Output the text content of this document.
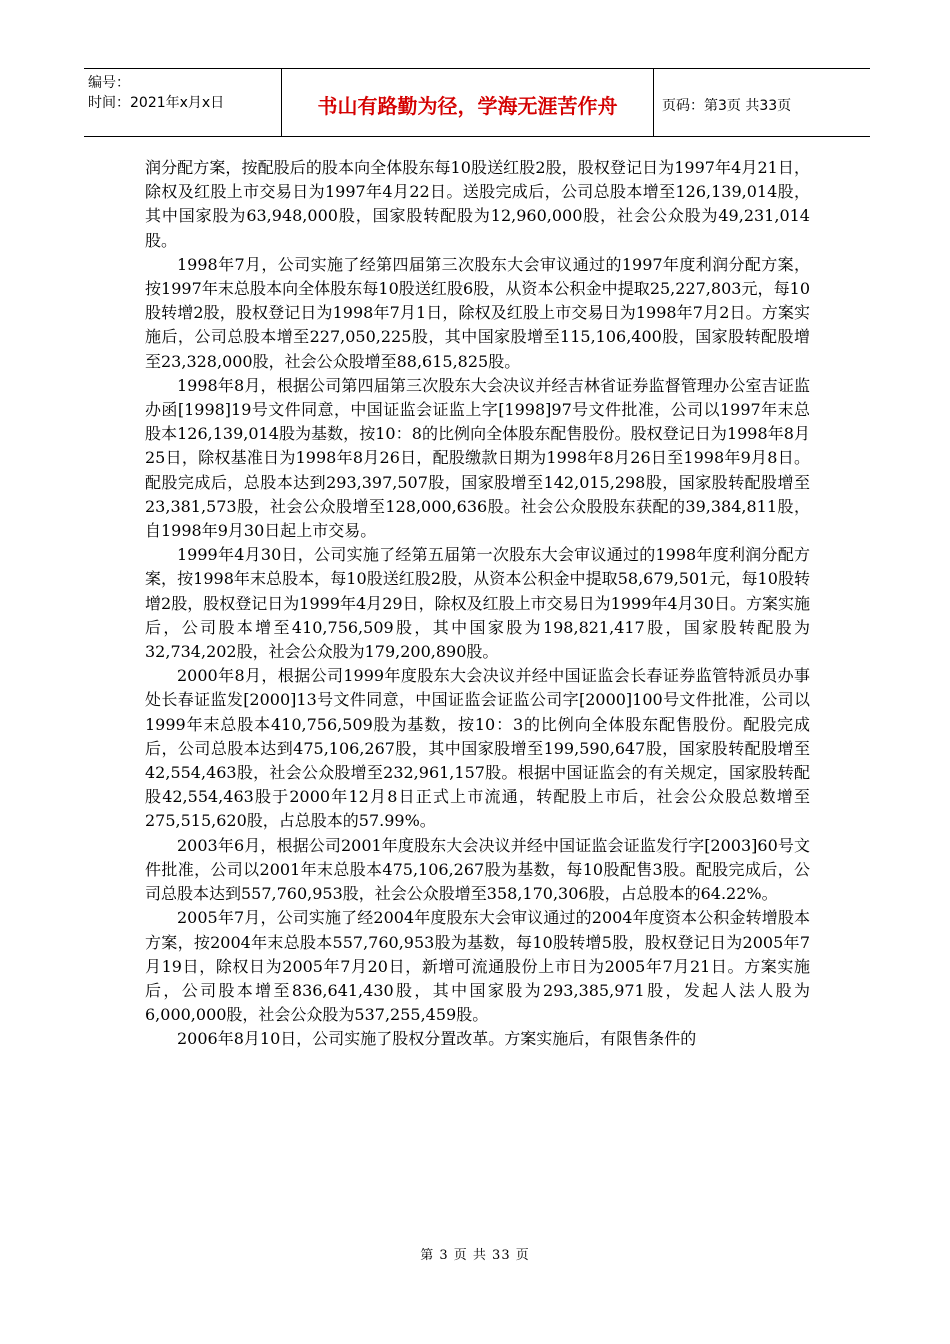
编号：
时间：2021年x月x日	书山有路勤为径，学海无涯苦作舟	页码：第3页 共33页

润分配方案，按配股后的股本向全体股东每10股送红股2股，股权登记日为1997年4月21日，除权及红股上市交易日为1997年4月22日。送股完成后，公司总股本增至126,139,014股，其中国家股为63,948,000股，国家股转配股为12,960,000股，社会公众股为49,231,014股。

1998年7月，公司实施了经第四届第三次股东大会审议通过的1997年度利润分配方案，按1997年末总股本向全体股东每10股送红股6股，从资本公积金中提取25,227,803元，每10股转增2股，股权登记日为1998年7月1日，除权及红股上市交易日为1998年7月2日。方案实施后，公司总股本增至227,050,225股，其中国家股增至115,106,400股，国家股转配股增至23,328,000股，社会公众股增至88,615,825股。

1998年8月，根据公司第四届第三次股东大会决议并经吉林省证券监督管理办公室吉证监办函[1998]19号文件同意，中国证监会证监上字[1998]97号文件批准，公司以1997年末总股本126,139,014股为基数，按10：8的比例向全体股东配售股份。股权登记日为1998年8月25日，除权基准日为1998年8月26日，配股缴款日期为1998年8月26日至1998年9月8日。配股完成后，总股本达到293,397,507股，国家股增至142,015,298股，国家股转配股增至23,381,573股，社会公众股增至128,000,636股。社会公众股股东获配的39,384,811股，自1998年9月30日起上市交易。

1999年4月30日，公司实施了经第五届第一次股东大会审议通过的1998年度利润分配方案，按1998年末总股本，每10股送红股2股，从资本公积金中提取58,679,501元，每10股转增2股，股权登记日为1999年4月29日，除权及红股上市交易日为1999年4月30日。方案实施后，公司股本增至410,756,509股，其中国家股为198,821,417股，国家股转配股为32,734,202股，社会公众股为179,200,890股。

2000年8月，根据公司1999年度股东大会决议并经中国证监会长春证券监管特派员办事处长春证监发[2000]13号文件同意，中国证监会证监公司字[2000]100号文件批准，公司以1999年末总股本410,756,509股为基数，按10：3的比例向全体股东配售股份。配股完成后，公司总股本达到475,106,267股，其中国家股增至199,590,647股，国家股转配股增至42,554,463股，社会公众股增至232,961,157股。根据中国证监会的有关规定，国家股转配股42,554,463股于2000年12月8日正式上市流通，转配股上市后，社会公众股总数增至275,515,620股，占总股本的57.99%。

2003年6月，根据公司2001年度股东大会决议并经中国证监会证监发行字[2003]60号文件批准，公司以2001年末总股本475,106,267股为基数，每10股配售3股。配股完成后，公司总股本达到557,760,953股，社会公众股增至358,170,306股，占总股本的64.22%。

2005年7月，公司实施了经2004年度股东大会审议通过的2004年度资本公积金转增股本方案，按2004年末总股本557,760,953股为基数，每10股转增5股，股权登记日为2005年7月19日，除权日为2005年7月20日，新增可流通股份上市日为2005年7月21日。方案实施后，公司股本增至836,641,430股，其中国家股为293,385,971股，发起人法人股为6,000,000股，社会公众股为537,255,459股。

2006年8月10日，公司实施了股权分置改革。方案实施后，有限售条件的

第 3 页 共 33 页
